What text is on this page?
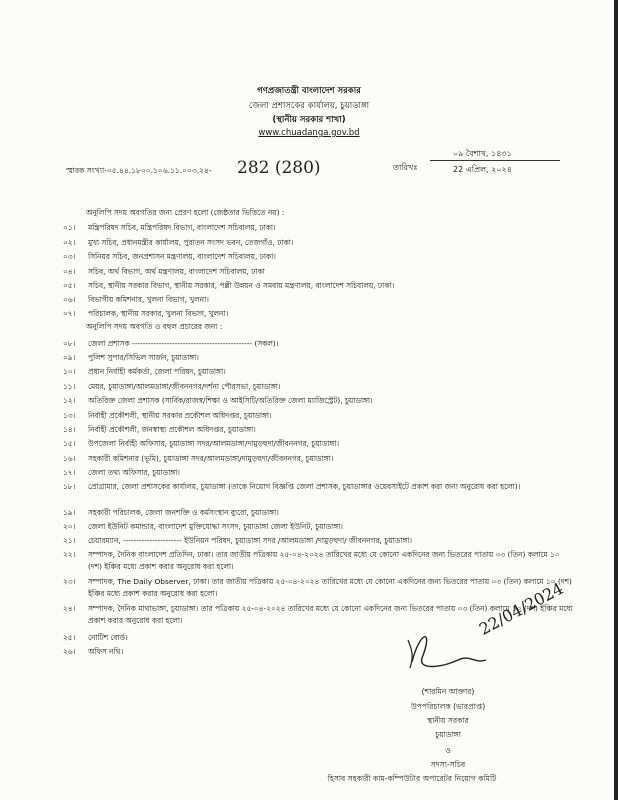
গণপ্রজাতন্ত্রী বাংলাদেশ সরকার
জেলা প্রশাসকের কার্যালয়, চুয়াডাঙ্গা
(স্থানীয় সরকার শাখা)
www.chuadanga.gov.bd
স্মারক সংখ্যা-০৫.৪৪.১৮০০.১০৬.১১.০০৩.২৪- 282 (280)	তারিখঃ
০৯ বৈশাখ, ১৪৩১
22 এপ্রিল, ২০২৪
অনুলিপি সদয় অবগতির জন্য প্রেরণ হলো (জেষ্ঠতার ভিত্তিতে নয়) :
০১। মন্ত্রিপরিষদ সচিব, মন্ত্রিপরিষদ বিভাগ, বাংলাদেশ সচিবালয়, ঢাকা।
০২। মুখ্য সচিব, প্রধানমন্ত্রীর কার্যালয়, পুরাতন সংসদ ভবন, তেজগাঁও, ঢাকা।
০৩। সিনিয়র সচিব, জনপ্রশাসন মন্ত্রণালয়, বাংলাদেশ সচিবালয়, ঢাকা।
০৪। সচিব, অর্থ বিভাগ, অর্থ মন্ত্রণালয়, বাংলাদেশ সচিবালয়, ঢাকা
০৫। সচিব, স্থানীয় সরকার বিভাগ, স্থানীয় সরকার, পল্লী উন্নয়ন ও সমবায় মন্ত্রণালয়, বাংলাদেশ সচিবালয়, ঢাকা।
০৬। বিভাগীয় কমিশনার, খুলনা বিভাগ, খুলনা।
০৭। পরিচালক, স্থানীয় সরকার, খুলনা বিভাগ, খুলনা।
অনুলিপি সদয় অবগতি ও বহুল প্রচারের জন্য :
০৮। জেলা প্রশাসক --------------------------------------------- (সকল)।
০৯। পুলিশ সুপার/সিভিল সার্জন, চুয়াডাঙ্গা।
১০। প্রধান নির্বাহী কর্মকর্তা, জেলা পরিষদ, চুয়াডাঙ্গা।
১১। মেয়র, চুয়াডাঙ্গা/আলমডাঙ্গা/জীবননগর/দর্শনা পৌরসভা, চুয়াডাঙ্গা।
১২। অতিরিক্ত জেলা প্রশাসক (সার্বিক/রাজস্ব/শিক্ষা ও আইসিটি/অতিরিক্ত জেলা ম্যাজিস্ট্রেট), চুয়াডাঙ্গা।
১৩। নির্বাহী প্রকৌশলী, স্থানীয় সরকার প্রকৌশল অধিদপ্তর, চুয়াডাঙ্গা।
১৪। নির্বাহী প্রকৌশলী, জনস্বাস্থ্য প্রকৌশল অধিদপ্তর, চুয়াডাঙ্গা।
১৫। উপজেলা নির্বাহী অফিসার, চুয়াডাঙ্গা সদর/আলমডাঙ্গা/দামুড়হুদা/জীবননগর, চুয়াডাঙ্গা।
১৬। সহকারী কমিশনার (ভূমি), চুয়াডাঙ্গা সদর/আলমডাঙ্গা/দামুড়হুদা/জীবননগর, চুয়াডাঙ্গা।
১৭। জেলা তথ্য অফিসার, চুয়াডাঙ্গা।
১৮। প্রোগ্রামার, জেলা প্রশাসকের কার্যালয়, চুয়াডাঙ্গা (তাকে নিয়োগ বিজ্ঞপ্তি জেলা প্রশাসক, চুয়াডাঙ্গার ওয়েবসাইটে প্রকাশ করা জন্য অনুরোধ করা হলো)।
১৯। সহকারী পরিচালক, জেলা জনশক্তি ও কর্মসংস্থান ব্যুরো, চুয়াডাঙ্গা।
২০। জেলা ইউনিট কমান্ডার, বাংলাদেশ মুক্তিযোদ্ধা সংসদ, চুয়াডাঙ্গা জেলা ইউনিট, চুয়াডাঙ্গা।
২১। চেয়ারম্যান, ---------------------- ইউনিয়ন পরিষদ, চুয়াডাঙ্গা সদর /আলমডাঙ্গা /দামুড়হুদা/ জীবননগর, চুয়াডাঙ্গা।
২২। সম্পাদক, দৈনিক বাংলাদেশ প্রতিদিন, ঢাকা। তার জাতীয় পত্রিকায় ২৫-০৪-২০২৪ তারিখের মধ্যে যে কোনো একদিনের জন্য ভিতরের পাতায় ০৩ (তিন) কলামে ১০ (দশ) ইঞ্চির মধ্যে প্রকাশ করার অনুরোধ করা হলো।
২৩। সম্পাদক, The Daily Observer, ঢাকা। তার জাতীয় পত্রিকায় ২৫-০৪-২০২৪ তারিখের মধ্যে যে কোনো একদিনের জন্য ভিতরের পাতায় ০৩ (তিন) কলামে ১০ (দশ) ইঞ্চির মধ্যে প্রকাশ করার অনুরোধ করা হলো।
২৪। সম্পাদক, দৈনিক মাথাভাঙ্গা, চুয়াডাঙ্গা। তার পত্রিকায় ২৫-০৪-২০২৪ তারিখের মধ্যে যে কোনো একদিনের জন্য ভিতরের পাতায় ০৩ (তিন) কলামে ১০ (দশ) ইঞ্চির মধ্যে প্রকাশ করার অনুরোধ করা হলো।
২৫। নোটিশ বোর্ড।
২৬। অফিস নথি।
22/04/2024
(শারমিন আক্তার)
উপপরিচালক (ভারপ্রাপ্ত)
স্থানীয় সরকার
চুয়াডাঙ্গা
ও
সদস্য-সচিব
হিসাব সহকারী কাম-কম্পিউটার অপারেটর নিয়োগ কমিটি
